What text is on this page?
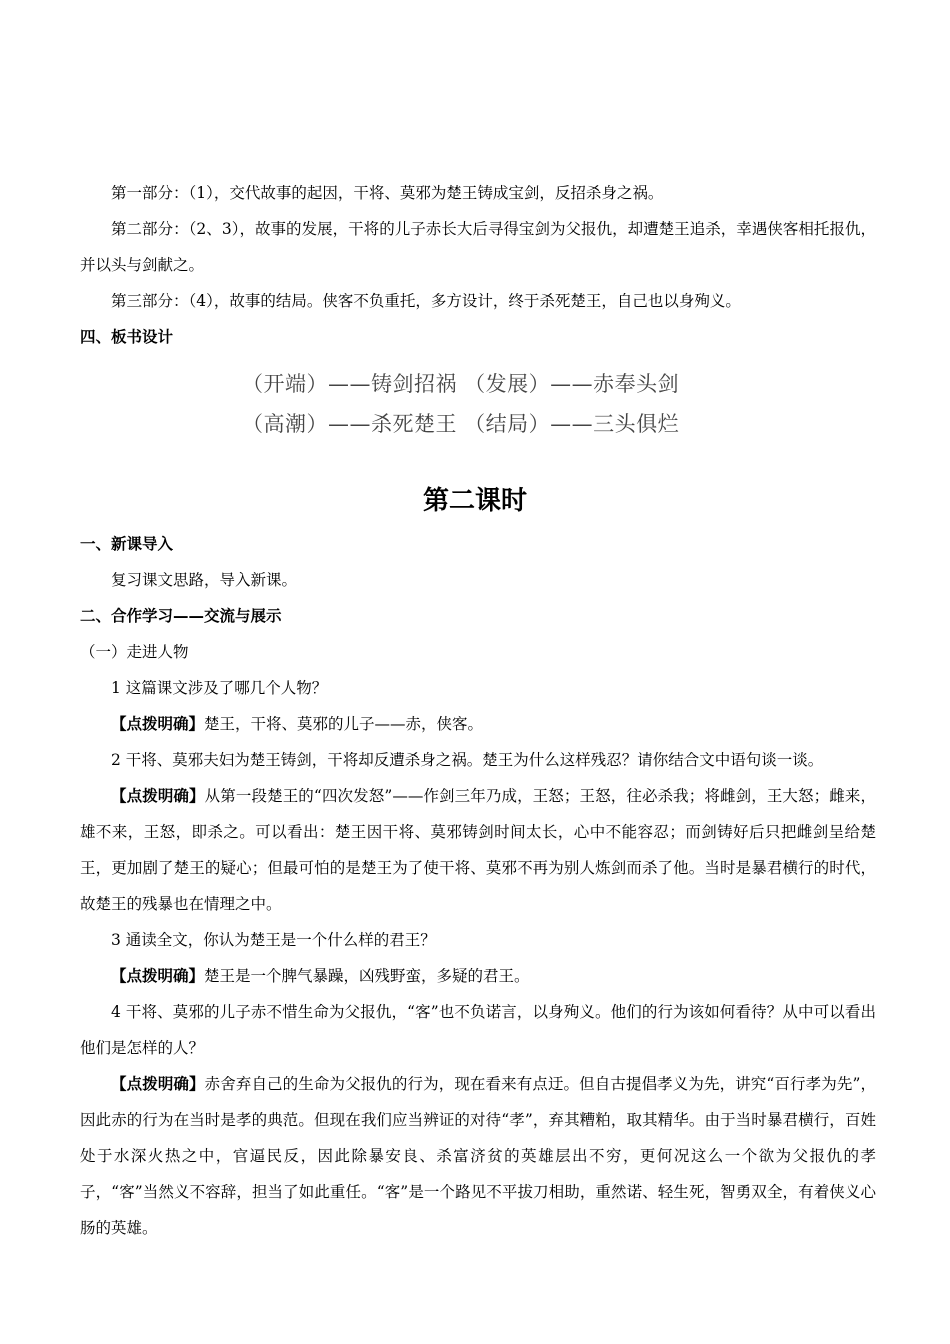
第一部分：（1），交代故事的起因，干将、莫邪为楚王铸成宝剑，反招杀身之祸。

第二部分：（2、3），故事的发展，干将的儿子赤长大后寻得宝剑为父报仇，却遭楚王追杀，幸遇侠客相托报仇，并以头与剑献之。

第三部分：（4），故事的结局。侠客不负重托，多方设计，终于杀死楚王，自己也以身殉义。

四、板书设计

（开端）——铸剑招祸 （发展）——赤奉头剑
（高潮）——杀死楚王 （结局）——三头俱烂
第二课时

一、新课导入

复习课文思路，导入新课。

二、合作学习——交流与展示

（一）走进人物

1 这篇课文涉及了哪几个人物？

【点拨明确】楚王，干将、莫邪的儿子——赤，侠客。

2 干将、莫邪夫妇为楚王铸剑，干将却反遭杀身之祸。楚王为什么这样残忍？请你结合文中语句谈一谈。

【点拨明确】从第一段楚王的“四次发怒”——作剑三年乃成，王怒；王怒，往必杀我；将雌剑，王大怒；雌来，雄不来，王怒，即杀之。可以看出：楚王因干将、莫邪铸剑时间太长，心中不能容忍；而剑铸好后只把雌剑呈给楚王，更加剧了楚王的疑心；但最可怕的是楚王为了使干将、莫邪不再为别人炼剑而杀了他。当时是暴君横行的时代，故楚王的残暴也在情理之中。

3 通读全文，你认为楚王是一个什么样的君王？

【点拨明确】楚王是一个脾气暴躁，凶残野蛮，多疑的君王。

4 干将、莫邪的儿子赤不惜生命为父报仇，“客”也不负诺言，以身殉义。他们的行为该如何看待？从中可以看出他们是怎样的人？

【点拨明确】赤舍弃自己的生命为父报仇的行为，现在看来有点迂。但自古提倡孝义为先，讲究“百行孝为先”，因此赤的行为在当时是孝的典范。但现在我们应当辨证的对待“孝”，弃其糟粕，取其精华。由于当时暴君横行，百姓处于水深火热之中，官逼民反，因此除暴安良、杀富济贫的英雄层出不穷，更何况这么一个欲为父报仇的孝子，“客”当然义不容辞，担当了如此重任。“客”是一个路见不平拔刀相助，重然诺、轻生死，智勇双全，有着侠义心肠的英雄。
